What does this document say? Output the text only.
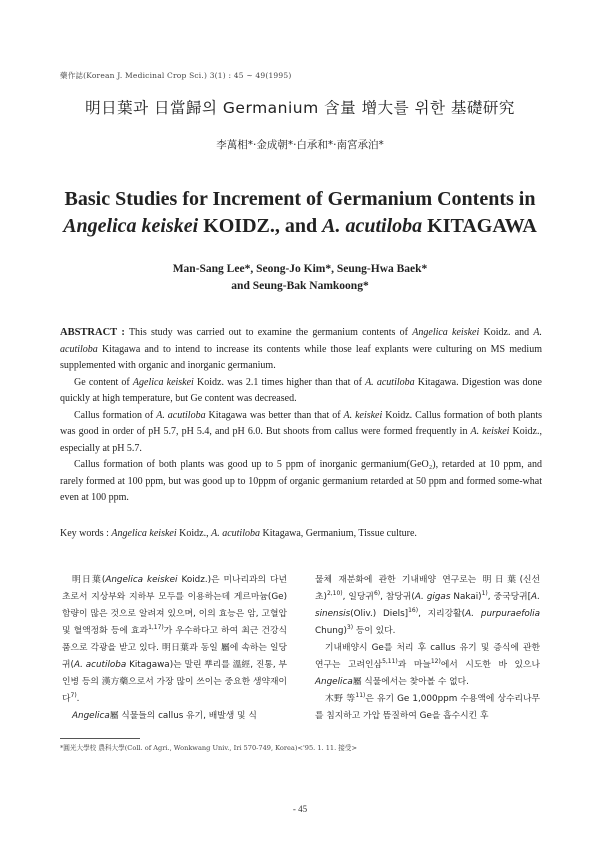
藥作誌(Korean J. Medicinal Crop Sci.) 3(1) : 45 ~ 49(1995)
明日葉과 日當歸의 Germanium 含量 增大를 위한 基礎研究
李萬相*·金成朝*·白承和*·南宮承泊*
Basic Studies for Increment of Germanium Contents in
Angelica keiskei KOIDZ., and A. acutiloba KITAGAWA
Man-Sang Lee*, Seong-Jo Kim*, Seung-Hwa Baek*
and Seung-Bak Namkoong*

ABSTRACT : This study was carried out to examine the germanium contents of Angelica keiskei Koidz. and A. acutiloba Kitagawa and to intend to increase its contents while those leaf explants were culturing on MS medium supplemented with organic and inorganic germanium.

Ge content of Agelica keiskei Koidz. was 2.1 times higher than that of A. acutiloba Kitagawa. Digestion was done quickly at high temperature, but Ge content was decreased.

Callus formation of A. acutiloba Kitagawa was better than that of A. keiskei Koidz. Callus formation of both plants was good in order of pH 5.7, pH 5.4, and pH 6.0. But shoots from callus were formed frequently in A. keiskei Koidz., especially at pH 5.7.

Callus formation of both plants was good up to 5 ppm of inorganic germanium(GeO₂), retarded at 10 ppm, and rarely formed at 100 ppm, but was good up to 10ppm of organic germanium retarded at 50 ppm and formed some-what even at 100 ppm.

Key words : Angelica keiskei Koidz., A. acutiloba Kitagawa, Germanium, Tissue culture.

明日葉(Angelica keiskei Koidz.)은 미나리과의 다년초로서 지상부와 지하부 모두를 이용하는데 게르마늄(Ge) 함량이 많은 것으로 알려져 있으며, 이의 효능은 암, 고혈압 및 혈액정화 등에 효과$^{1,17)}$가 우수하다고 하여 최근 건강식품으로 각광을 받고 있다. 明日葉과 동일 屬에 속하는 일당귀(A. acutiloba Kitagawa)는 말린 뿌리를 溫經, 진통, 부인병 등의 漢方藥으로서 가장 많이 쓰이는 중요한 생약재이다$^{7)}$.

Angelica屬 식물들의 callus 유기, 배발생 및 식

물체 재분화에 관한 기내배양 연구로는 明日葉(신선초)$^{2,10)}$, 일당귀$^{6)}$, 참당귀(A. gigas Nakai)$^{1)}$, 중국당귀[A. sinensis(Oliv.) Diels]$^{16)}$, 지리강활(A. purpuraefolia Chung)$^{3)}$ 등이 있다.

기내배양시 Ge를 처리 후 callus 유기 및 증식에 관한 연구는 고려인삼$^{5,11)}$과 마늘$^{12)}$에서 시도한 바 있으나 Angelica屬 식물에서는 찾아볼 수 없다.

木野 等$^{11)}$은 유기 Ge 1,000ppm 수용액에 상수리나무를 침지하고 가압 뜸질하여 Ge을 흡수시킨 후

*圓光大學校 農科大學(Coll. of Agri., Wonkwang Univ., Iri 570-749, Korea)<'95. 1. 11. 接受>
- 45
